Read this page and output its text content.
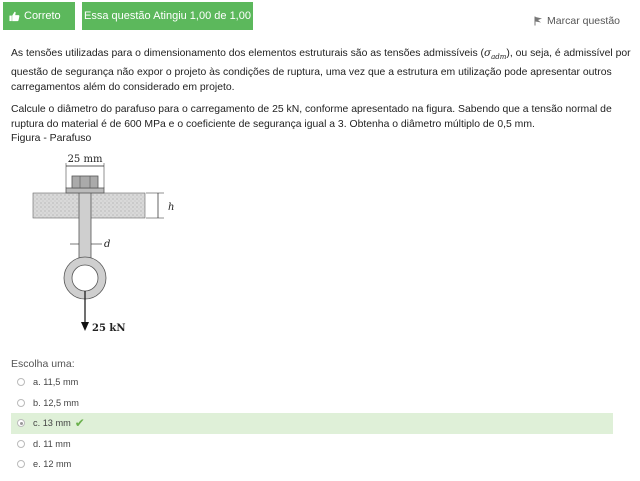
Correto Essa questão Atingiu 1,00 de 1,00	Marcar questão

As tensões utilizadas para o dimensionamento dos elementos estruturais são as tensões admissíveis $(\sigma_{adm})$, ou seja, é admissível por questão de segurança não expor o projeto às condições de ruptura, uma vez que a estrutura em utilização pode apresentar outros carregamentos além do considerado em projeto.

Calcule o diâmetro do parafuso para o carregamento de 25 kN, conforme apresentado na figura. Sabendo que a tensão normal de ruptura do material é de 600 MPa e o coeficiente de segurança igual a 3. Obtenha o diâmetro múltiplo de 0,5 mm.

Figura - Parafuso
25 mm
h
d
25 kN
Escolha uma:
a. 11,5 mm
b. 12,5 mm
c. 13 mm ✔
d. 11 mm
e. 12 mm
